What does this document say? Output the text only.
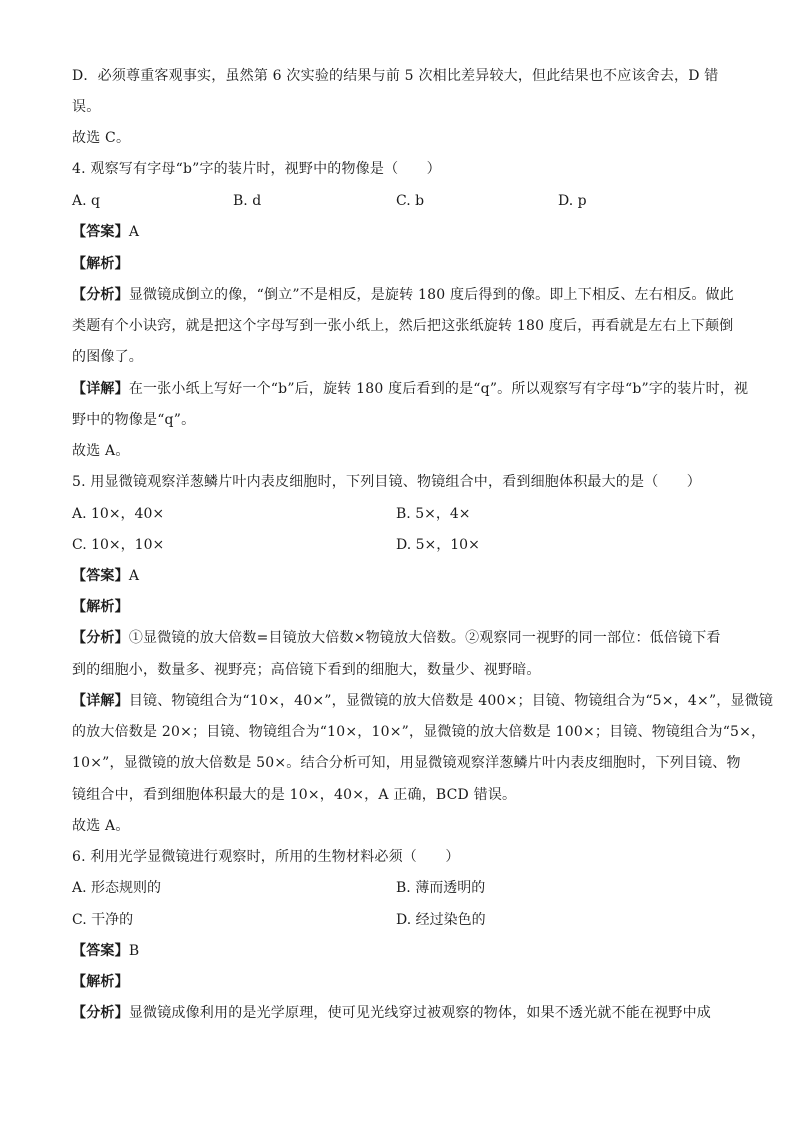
D．必须尊重客观事实，虽然第 6 次实验的结果与前 5 次相比差异较大，但此结果也不应该舍去，D 错
误。
故选 C。
4. 观察写有字母“b”字的装片时，视野中的物像是（　　）
A. q	B. d	C. b	D. p
【答案】A
【解析】
【分析】显微镜成倒立的像，“倒立”不是相反，是旋转 180 度后得到的像。即上下相反、左右相反。做此
类题有个小诀窍，就是把这个字母写到一张小纸上，然后把这张纸旋转 180 度后，再看就是左右上下颠倒
的图像了。
【详解】在一张小纸上写好一个“b”后，旋转 180 度后看到的是“q”。所以观察写有字母“b”字的装片时，视
野中的物像是“q”。
故选 A。
5. 用显微镜观察洋葱鳞片叶内表皮细胞时，下列目镜、物镜组合中，看到细胞体积最大的是（　　）
A. 10×，40×	B. 5×，4×
C. 10×，10×	D. 5×，10×
【答案】A
【解析】
【分析】①显微镜的放大倍数=目镜放大倍数×物镜放大倍数。②观察同一视野的同一部位：低倍镜下看
到的细胞小，数量多、视野亮；高倍镜下看到的细胞大，数量少、视野暗。
【详解】目镜、物镜组合为“10×，40×”，显微镜的放大倍数是 400×；目镜、物镜组合为“5×，4×”，显微镜
的放大倍数是 20×；目镜、物镜组合为“10×，10×”，显微镜的放大倍数是 100×；目镜、物镜组合为“5×，
10×”，显微镜的放大倍数是 50×。结合分析可知，用显微镜观察洋葱鳞片叶内表皮细胞时，下列目镜、物
镜组合中，看到细胞体积最大的是 10×，40×，A 正确，BCD 错误。
故选 A。
6. 利用光学显微镜进行观察时，所用的生物材料必须（　　）
A. 形态规则的	B. 薄而透明的
C. 干净的	D. 经过染色的
【答案】B
【解析】
【分析】显微镜成像利用的是光学原理，使可见光线穿过被观察的物体，如果不透光就不能在视野中成
